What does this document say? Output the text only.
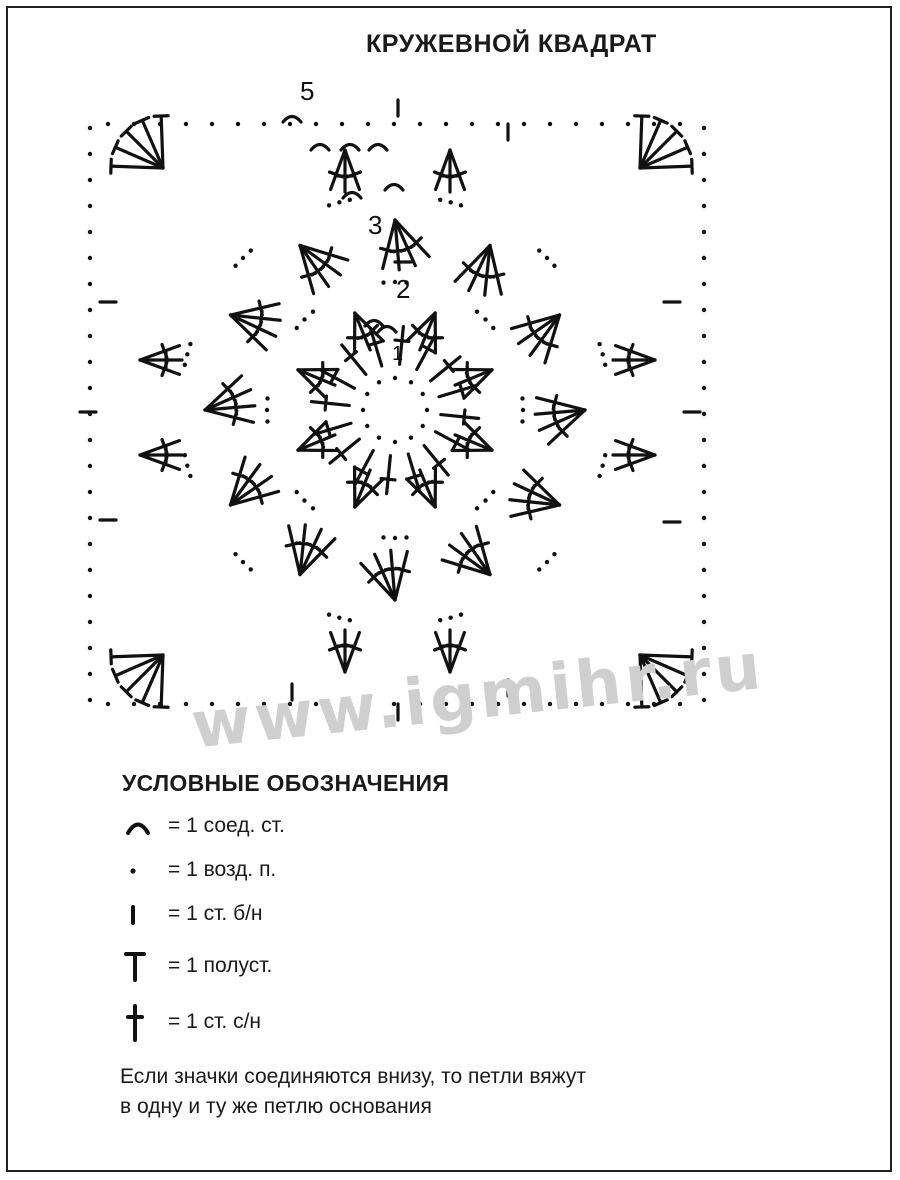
КРУЖЕВНОЙ КВАДРАТ
5
3
2
1
www.igmihr.ru
УСЛОВНЫЕ ОБОЗНАЧЕНИЯ
= 1 соед. ст.
= 1 возд. п.
= 1 ст. б/н
= 1 полуст.
= 1 ст. с/н
Если значки соединяются внизу, то петли вяжут
в одну и ту же петлю основания
